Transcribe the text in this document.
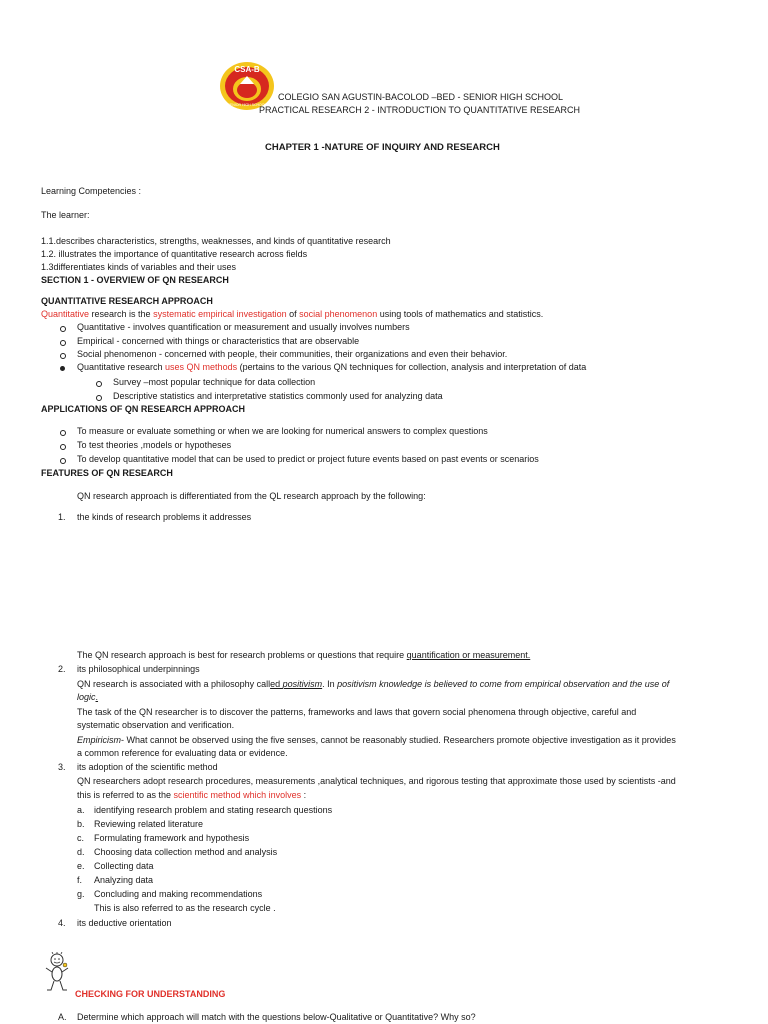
CSA-B
SENIOR HIGH SCHOOL
COLEGIO SAN AGUSTIN-BACOLOD –BED - SENIOR HIGH SCHOOL
PRACTICAL RESEARCH 2 - INTRODUCTION TO QUANTITATIVE RESEARCH
CHAPTER 1 -NATURE OF INQUIRY AND RESEARCH
Learning Competencies :
The learner:
1.1.describes characteristics, strengths, weaknesses, and kinds of quantitative research
1.2. illustrates the importance of quantitative research across fields
1.3differentiates kinds of variables and their uses
SECTION 1 - OVERVIEW OF QN RESEARCH
QUANTITATIVE RESEARCH APPROACH
Quantitative research is the systematic empirical investigation of social phenomenon using tools of mathematics and statistics.
Quantitative - involves quantification or measurement and usually involves numbers
Empirical - concerned with things or characteristics that are observable
Social phenomenon - concerned with people, their communities, their organizations and even their behavior.
Quantitative research uses QN methods (pertains to the various QN techniques for collection, analysis and interpretation of data
Survey –most popular technique for data collection
Descriptive statistics and interpretative statistics commonly used for analyzing data
APPLICATIONS OF QN RESEARCH APPROACH
To measure or evaluate something or when we are looking for numerical answers to complex questions
To test theories ,models or hypotheses
To develop quantitative model that can be used to predict or project future events based on past events or scenarios
FEATURES OF QN RESEARCH
QN research approach is differentiated from the QL research approach by the following:
1. the kinds of research problems it addresses
The QN research approach is best for research problems or questions that require quantification or measurement.
2. its philosophical underpinnings
QN research is associated with a philosophy called positivism. In positivism knowledge is believed to come from empirical observation and the use of
logic.
The task of the QN researcher is to discover the patterns, frameworks and laws that govern social phenomena through objective, careful and
systematic observation and verification.
Empiricism- What cannot be observed using the five senses, cannot be reasonably studied. Researchers promote objective investigation as it provides
a common reference for evaluating data or evidence.
3. its adoption of the scientific method
QN researchers adopt research procedures, measurements ,analytical techniques, and rigorous testing that approximate those used by scientists -and
this is referred to as the scientific method which involves :
a. identifying research problem and stating research questions
b. Reviewing related literature
c. Formulating framework and hypothesis
d. Choosing data collection method and analysis
e. Collecting data
f. Analyzing data
g. Concluding and making recommendations
This is also referred to as the research cycle .
4. its deductive orientation
CHECKING FOR UNDERSTANDING
A. Determine which approach will match with the questions below-Qualitative or Quantitative? Why so?
